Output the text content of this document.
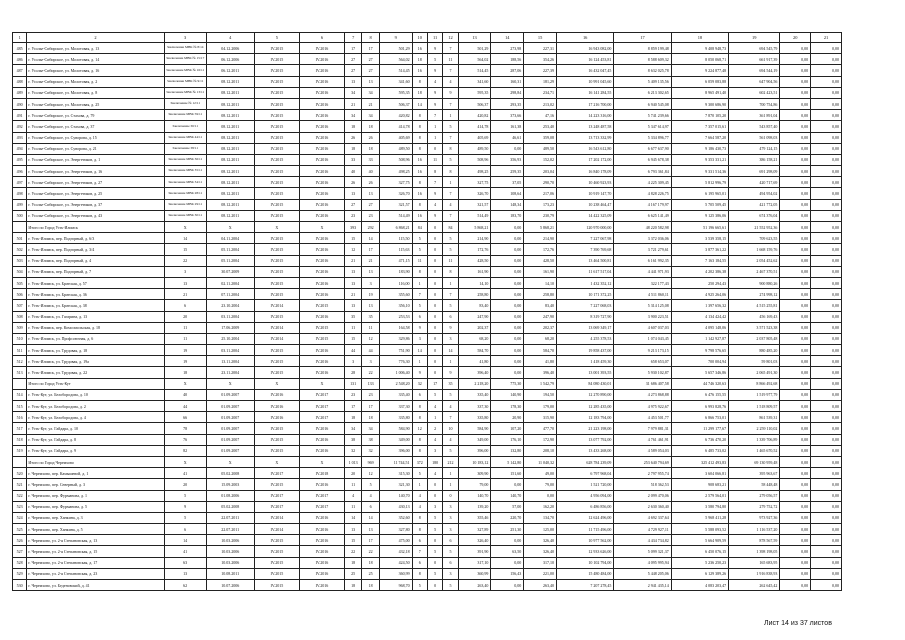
1	2	3	4	5	6	7	8	9	10	11	12	13	14	15	16	17	18	19	20	21
485	г. Усолье-Сибирское, ул. Молотовая, д. 13	Заключение МВК № 8/14	04.12.2006	IV.2015	IV.2016	17	17	501,29	16	9	7	501,29	273,98	227,31	16 943 082,00	8 859 199,48	9 408 948,73	694 545,79	0,00	0,00
486	г. Усолье-Сибирское, ул. Молотовая, д. 14	Заключение МВК № 15/17	06.12.2006	IV.2015	IV.2016	27	27	564,02	18	5	11	564,02	188,56	354,26	16 124 453,81	8 588 609,32	8 050 068,71	661 917,39	0,00	0,00
487	г. Усолье-Сибирское, ул. Молотовая, д. 16	Заключение МВК № 16/11	06.12.2011	IV.2015	IV.2016	27	27	514,45	16	9	7	514,45	287,06	227,39	16 432 047,45	8 632 025,78	9 224 877,48	694 544,19	0,00	0,00
488	г. Усолье-Сибирское, ул. Молотовая, д. 2	Заключение МВК № 9/11	08.12.2011	IV.2015	IV.2016	13	13	341,60	8	4	4	341,60	160,31	181,29	10 991 045,60	5 409 135,56	6 059 083,88	647 904,56	0,00	0,00
489	г. Усолье-Сибирское, ул. Молотовая, д. 8	Заключение МВК № 13/11	08.12.2011	IV.2015	IV.2016	34	34	595,35	18	9	9	595,35	298,84	234,71	16 141 284,55	6 213 302,65	8 965 491,40	602 423,51	0,00	0,00
490	г. Усолье-Сибирское, ул. Молотовая, д. 25	Заключение № 12/11	08.12.2011	IV.2015	IV.2016	21	21	506,37	14	9	7	506,37	293,35	213,02	17 216 700,00	6 940 545,08	9 300 686,90	700 754,86	0,00	0,00
491	г. Усолье-Сибирское, ул. Стахова, д. 79	Заключение МВК 59/11	08.12.2011	IV.2015	IV.2016	34	34	420,82	8	7	1	420,82	373,66	47,16	14 223 316,00	5 741 239,66	7 870 105,20	361 891,04	0,00	0,00
492	г. Усолье-Сибирское, ул. Стахова, д. 37	Заключение 30/11	08.12.2011	IV.2015	IV.2016	18	18	414,78	8	1	5	414,78	161,38	253,40	13 248 487,58	5 347 614,97	7 357 015,61	543 857,40	0,00	0,00
493	г. Усолье-Сибирское, ул. Суворова, д. 15	Заключение МВК 44/11	08.12.2011	IV.2015	IV.2016	26	26	405,69	8	1	7	405,69	46,61	359,08	13 713 332,99	5 334 896,77	7 664 587,20	561 098,03	0,00	0,00
494	г. Усолье-Сибирское, ул. Суворова, д. 21	Заключение 38/11	08.12.2011	IV.2015	IV.2016	18	18	489,50	8	0	8	489,50	0,00	489,50	16 543 612,80	6 677 637,90	9 186 430,73	479 124,15	0,00	0,00
495	г. Усолье-Сибирское, ул. Энергетиков, д. 1	Заключение МВК 36/11	08.12.2011	IV.2015	IV.2016	33	33	508,96	16	11	5	508,96	356,93	152,02	17 202 172,00	6 945 678,38	9 353 331,21	386 158,21	0,00	0,00
496	г. Усолье-Сибирское, ул. Энергетиков, д. 16	Заключение МВК 35/11	08.12.2011	IV.2015	IV.2016	40	40	498,25	16	8	8	498,25	259,35	203,04	16 840 178,09	6 793 361,84	9 331 514,36	691 298,09	0,00	0,00
497	г. Усолье-Сибирское, ул. Энергетиков, д. 27	Заключение МВК 34/11	08.12.2011	IV.2015	IV.2016	26	26	327,75	8	7	1	327,75	37,05	290,70	10 460 923,93	4 225 309,45	5 812 996,79	420 717,69	0,00	0,00
498	г. Усолье-Сибирское, ул. Энергетиков, д. 25	Заключение МВК 28/11	08.12.2011	IV.2015	IV.2016	13	13	326,70	16	9	7	326,70	108,64	217,06	10 919 147,70	4 828 226,75	6 195 965,01	494 954,02	0,00	0,00
499	г. Усолье-Сибирское, ул. Энергетиков, д. 37	Заключение МВК 29/11	08.12.2011	IV.2015	IV.2016	27	27	321,57	8	4	4	321,57	148,34	173,23	10 238 464,47	4 167 179,97	5 705 509,45	421 772,05	0,00	0,00
500	г. Усолье-Сибирское, ул. Энергетиков, д. 43	Заключение МВК 30/11	08.12.2011	IV.2015	IV.2016	23	23	514,49	16	9	7	514,49	183,70	230,79	14 422 325,09	6 625 141,49	9 125 386,06	674 376,04	0,00	0,00
	Итого по Город Усть-Илимск	Х	Х	Х	Х	393	292	6 868,21	84	0	84	5 868,21	0,00	5 868,21	120 970 000,00	48 220 582,98	51 196 665,61	21 552 952,36	0,00	0,00
501	г. Усть-Илимск, пер. Подгорный, д. 6/3	14	04.11.2004	IV.2015	IV.2016	15	14	115,50	5	0	5	214,90	0,00	214,90	7 227 067,98	3 372 036,06	3 539 358,15	709 623,55	0,00	0,00
502	г. Усть-Илимск, пер. Подгорный, д. 3/4	15	05.11.2004	IV.2015	IV.2016	12	17	115,63	5	0	5	172,76	0,00	172,76	7 390 769,68	3 721 279,61	3 877 361,22	1 668 159,76	0,00	0,00
503	г. Усть-Илимск, пер. Подгорный, д. 4	22	05.11.2004	IV.2015	IV.2016	21	21	471,15	11	0	11	428,50	0,00	428,50	13 464 500,81	6 161 992,35	7 163 184,55	2 054 452,62	0,00	0,00
504	г. Усть-Илимск, пер. Подгорный, д. 7	3	30.07.2009	IV.2015	IV.2016	13	13	183,90	8	0	8	161,90	0,00	161,90	11 617 517,04	4 441 971,93	4 202 386,38	2 467 370,51	0,00	0,00
505	г. Усть-Илимск, ул. Братская, д. 57	13	02.11.2004	IV.2015	IV.2016	13	3	116,00	1	0	1	14,10	0,00	14,10	1 432 352,12	322 177,43	250 294,43	900 880,26	0,00	0,00
506	г. Усть-Илимск, ул. Братская, д. 36	21	07.11.2004	IV.2015	IV.2016	21	19	355,60	7	0	7	258,80	0,00	258,80	10 171 372,25	4 511 860,11	4 925 264,06	274 998,12	0,00	0,00
507	г. Усть-Илимск, ул. Братская, д. 38	6	23.10.2004	IV.2014	IV.2015	13	13	356,10	5	0	5	83,40	0,00	83,40	7 227 068,03	5 314 125,08	1 397 656,32	4 515 255,81	0,00	0,00
508	г. Усть-Илимск, ул. Гагарина, д. 13	20	03.11.2004	IV.2015	IV.2016	35	35	253,53	6	0	6	247,90	0,00	247,90	8 319 727,90	3 900 223,51	4 134 424,42	456 169,43	0,00	0,00
509	г. Усть-Илимск, пер. Комсомольская, д. 18	11	17.06.2009	IV.2014	IV.2015	11	11	164,58	9	0	9	202,37	0,00	202,37	13 069 349,17	4 607 037,03	4 095 148,06	3 571 523,38	0,00	0,00
510	г. Усть-Илимск, ул. Профсоюзная, д. 6	11	25.10.2004	IV.2014	IV.2015	15	12	329,86	3	0	3	68,20	0,00	68,20	4 255 378,53	1 074 043,45	1 142 927,87	2 037 805,48	0,00	0,00
511	г. Усть-Илимск, ул. Трудовая, д. 18	19	03.11.2004	IV.2015	IV.2016	44	44	751,90	14	0	14	584,70	0,00	584,70	19 858 437,00	9 213 173,15	9 798 576,65	880 485,20	0,00	0,00
512	г. Усть-Илимск, ул. Трудовая, д. 19а	19	13.11.2004	IV.2015	IV.2016	3	3	776,30	1	0	1	41,80	0,00	41,80	1 418 459,30	658 653,07	700 004,94	59 801,03	0,00	0,00
513	г. Усть-Илимск, ул. Трудовая, д. 22	18	23.11.2004	IV.2015	IV.2016	28	22	1 006,40	9	0	9	396,40	0,00	396,40	13 001 393,55	5 930 102,87	5 657 346,86	2 065 491,30	0,00	0,00
	Итого по Город Усть-Кут	Х	Х	Х	Х	131	133	2 548,20	32	17	35	2 218,20	775,30	1 542,79	84 080 430,01	31 686 407,58	44 746 320,63	8 866 492,68	0,00	0,00
514	г. Усть-Кут, ул. Белобородова, д. 10	40	01.09.2007	IV.2016	IV.2017	23	23	335,40	6	5	5	335,40	140,90	194,50	12 270 890,00	4 273 868,88	6 476 155,55	1 519 977,79	0,00	0,00
515	г. Усть-Кут, ул. Белобородова, д. 2	44	01.09.2007	IV.2016	IV.2017	17	17	337,30	8	4	4	337,30	178,30	179,00	12 285 435,00	4 975 922,67	6 993 828,76	1 518 809,57	0,00	0,00
516	г. Усть-Кут, ул. Белобородова, д. 4	66	01.09.2007	IV.2016	IV.2017	18	18	335,80	8	1	7	335,80	20,90	315,90	12 183 794,00	4 453 501,77	6 866 753,01	861 539,31	0,00	0,00
517	г. Усть-Кут, ул. Гайдара, д. 10	78	01.09.2007	IV.2015	IV.2016	34	34	584,90	12	2	10	584,90	107,20	477,70	21 223 198,00	7 979 881,31	11 299 177,67	2 259 110,02	0,00	0,00
518	г. Усть-Кут, ул. Гайдара, д. 8	76	01.09.2007	IV.2015	IV.2016	38	38	349,00	8	4	4	349,00	176,10	172,90	13 077 792,00	4 761 461,91	6 736 470,20	1 339 706,89	0,00	0,00
519	г. Усть-Кут, ул. Гайдара, д. 9	82	01.09.2007	IV.2015	IV.2016	32	32	396,00	8	3	5	396,00	132,80	208,10	13 433 268,00	4 589 054,03	6 485 733,02	1 465 670,52	0,00	0,00
	Итого по Город Черемхово	Х	Х	Х	Х	1 013	969	11 744,51	372	180	212	10 183,12	5 142,80	11 040,32	628 784 239,09	253 640 794,69	325 412 493,83	69 130 959,48	0,00	0,00
520	г. Черемхово, пер. Камышевой, д. 1	41	05.02.2008	IV.2017	IV.2018	20	12	315,30	5	4	1	309,90	151,60	49,00	6 797 968,04	2 797 955,74	3 604 066,81	395 963,67	0,00	0,00
521	г. Черемхово, пер. Северный, д. 3	20	15.09.2003	IV.2015	IV.2016	11	5	321,30	1	0	1	79,00	0,00	79,00	1 521 720,00	518 362,53	908 683,21	58 448,48	0,00	0,00
522	г. Черемхово, пер. Фурманова, д. 1	5	01.08.2006	IV.2017	IV.2017	4	4	140,70	4	0	0	140,70	140,70	0,00	4 956 094,00	2 099 470,06	2 579 564,01	279 056,57	0,00	0,00
523	г. Черемхово, пер. Фурманова, д. 5	9	05.02.2008	IV.2017	IV.2017	11	6	430,13	4	3	3	139,20	57,00	162,20	6 486 856,00	2 630 360,40	3 580 794,80	279 752,72	0,00	0,00
524	г. Черемхово, пер. Ханкина, д. 3	5	22.07.2011	IV.2014	IV.2016	14	14	352,60	8	5	3	355,46	220,70	134,70	12 624 496,00	4 692 337,64	5 968 411,28	973 927,36	0,00	0,00
525	г. Черемхово, пер. Ханкина, д. 5	6	22.07.2011	IV.2014	IV.2016	13	13	327,80	8	5	3	327,89	251,30	125,00	11 715 496,00	4 729 927,11	5 588 093,52	1 116 537,20	0,00	0,00
526	г. Черемхово, ул. 2-я Степановская, д. 13	14	10.03.2006	IV.2015	IV.2016	15	17	475,00	6	0	6	326,40	0,00	326,40	10 977 562,00	4 434 734,82	5 664 909,59	878 567,59	0,00	0,00
527	г. Черемхово, ул. 2-я Степановская, д. 15	41	10.03.2006	IV.2015	IV.2016	22	22	432,18	7	5	5	391,90	63,50	326,40	12 933 626,00	5 099 321,37	6 450 076,15	1 398 198,05	0,00	0,00
528	г. Черемхово, ул. 2-я Степановская, д. 17	63	10.03.2006	IV.2015	IV.2016	18	18	424,50	6	0	6	317,10	0,00	317,10	10 102 794,00	4 095 995,94	5 236 250,23	165 683,95	0,00	0,00
529	г. Черемхово, ул. 2-я Степановская, д. 23	13	10.08.2011	IV.2015	IV.2016	25	25	360,99	8	5	3	360,99	156,43	221,00	15 480 484,00	5 448 205,06	6 129 389,26	1 916 838,93	0,00	0,00
530	г. Черемхово, ул. Беденовский, д. 41	62	10.07.2006	IV.2015	IV.2016	18	18	968,70	5	0	5	263,40	0,00	263,40	7 207 278,45	2 941 435,14	4 083 203,47	262 645,42	0,00	0,00
Лист 14 из 37 листов
